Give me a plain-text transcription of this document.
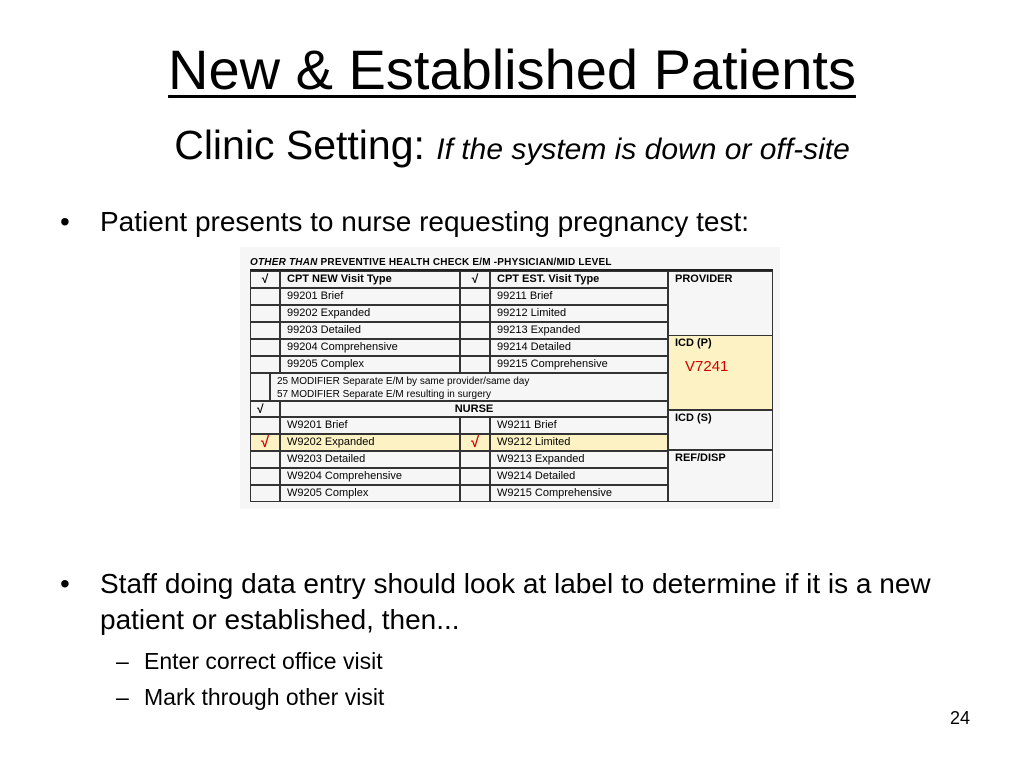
New & Established Patients
Clinic Setting: If the system is down or off-site
•	Patient presents to nurse requesting pregnancy test:
OTHER THAN PREVENTIVE HEALTH CHECK E/M -PHYSICIAN/MID LEVEL
√	CPT NEW Visit Type	√	CPT EST. Visit Type	PROVIDER
99201 Brief	99211 Brief
99202 Expanded	99212 Limited
99203 Detailed	99213 Expanded
99204 Comprehensive	99214 Detailed
99205 Complex	99215 Comprehensive
ICD (P)
V7241
25 MODIFIER Separate E/M by same provider/same day
57 MODIFIER Separate E/M resulting in surgery
√	NURSE
ICD (S)
W9201 Brief	W9211 Brief
√	W9202 Expanded	√	W9212 Limited
W9203 Detailed	W9213 Expanded
W9204 Comprehensive	W9214 Detailed
W9205 Complex	W9215 Comprehensive
REF/DISP
•	Staff doing data entry should look at label to determine if it is a new patient or established, then...
– Enter correct office visit
– Mark through other visit
24
